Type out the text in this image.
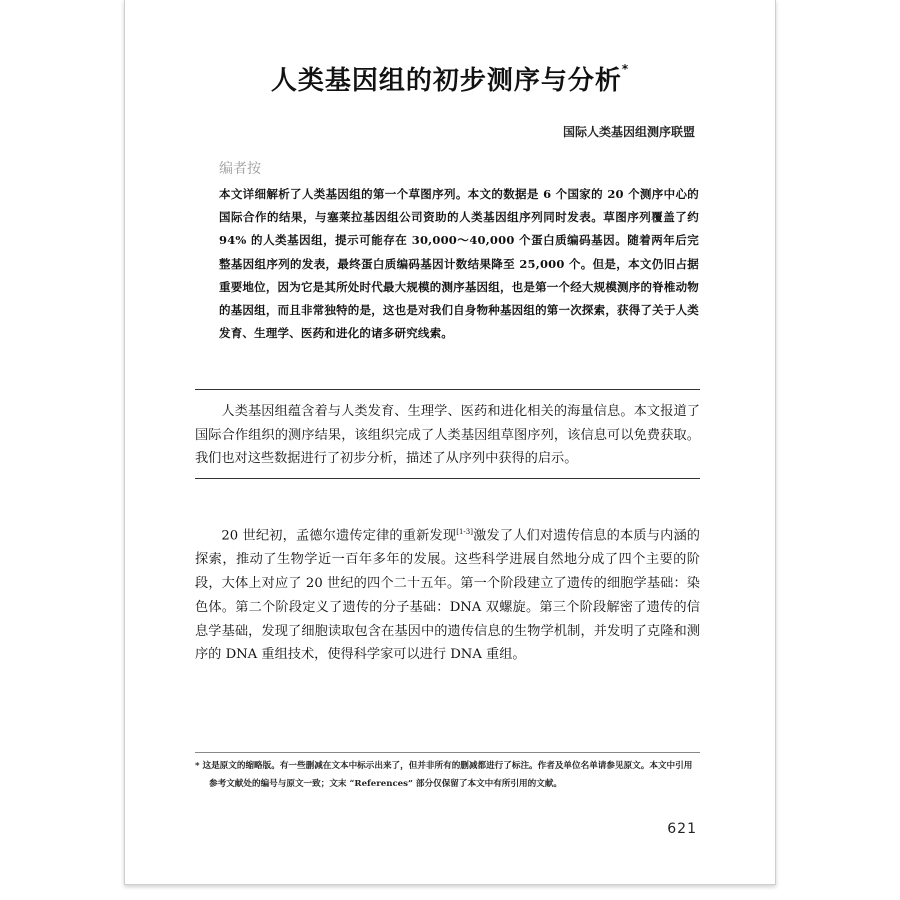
人类基因组的初步测序与分析*
国际人类基因组测序联盟
编者按
本文详细解析了人类基因组的第一个草图序列。本文的数据是 6 个国家的 20 个测序中心的国际合作的结果，与塞莱拉基因组公司资助的人类基因组序列同时发表。草图序列覆盖了约 94% 的人类基因组，提示可能存在 30,000～40,000 个蛋白质编码基因。随着两年后完整基因组序列的发表，最终蛋白质编码基因计数结果降至 25,000 个。但是，本文仍旧占据重要地位，因为它是其所处时代最大规模的测序基因组，也是第一个经大规模测序的脊椎动物的基因组，而且非常独特的是，这也是对我们自身物种基因组的第一次探索，获得了关于人类发育、生理学、医药和进化的诸多研究线索。
人类基因组蕴含着与人类发育、生理学、医药和进化相关的海量信息。本文报道了国际合作组织的测序结果，该组织完成了人类基因组草图序列，该信息可以免费获取。我们也对这些数据进行了初步分析，描述了从序列中获得的启示。
20 世纪初，孟德尔遗传定律的重新发现[1-3]激发了人们对遗传信息的本质与内涵的探索，推动了生物学近一百年多年的发展。这些科学进展自然地分成了四个主要的阶段，大体上对应了 20 世纪的四个二十五年。第一个阶段建立了遗传的细胞学基础：染色体。第二个阶段定义了遗传的分子基础：DNA 双螺旋。第三个阶段解密了遗传的信息学基础，发现了细胞读取包含在基因中的遗传信息的生物学机制，并发明了克隆和测序的 DNA 重组技术，使得科学家可以进行 DNA 重组。
* 这是原文的缩略版。有一些删减在文本中标示出来了，但并非所有的删减都进行了标注。作者及单位名单请参见原文。本文中引用参考文献处的编号与原文一致；文末 “References” 部分仅保留了本文中有所引用的文献。
621
